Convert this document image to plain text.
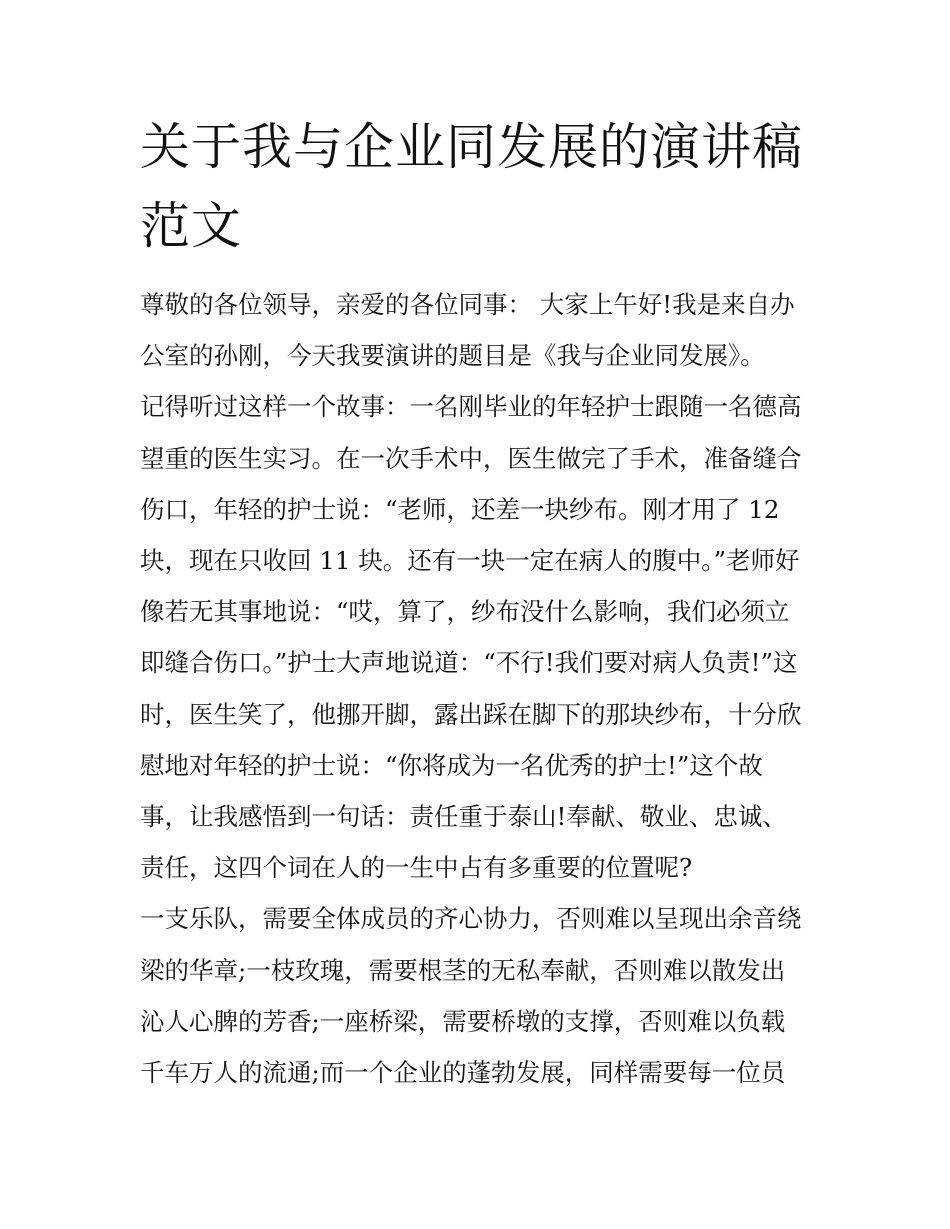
关于我与企业同发展的演讲稿
范文
尊敬的各位领导，亲爱的各位同事： 大家上午好!我是来自办
公室的孙刚，今天我要演讲的题目是《我与企业同发展》。
记得听过这样一个故事：一名刚毕业的年轻护士跟随一名德高
望重的医生实习。在一次手术中，医生做完了手术，准备缝合
伤口，年轻的护士说：“老师，还差一块纱布。刚才用了 12
块，现在只收回 11 块。还有一块一定在病人的腹中。”老师好
像若无其事地说：“哎，算了，纱布没什么影响，我们必须立
即缝合伤口。”护士大声地说道：“不行!我们要对病人负责!”这
时，医生笑了，他挪开脚，露出踩在脚下的那块纱布，十分欣
慰地对年轻的护士说：“你将成为一名优秀的护士!”这个故
事，让我感悟到一句话：责任重于泰山!奉献、敬业、忠诚、
责任，这四个词在人的一生中占有多重要的位置呢?
一支乐队，需要全体成员的齐心协力，否则难以呈现出余音绕
梁的华章;一枝玫瑰，需要根茎的无私奉献，否则难以散发出
沁人心脾的芳香;一座桥梁，需要桥墩的支撑，否则难以负载
千车万人的流通;而一个企业的蓬勃发展，同样需要每一位员
